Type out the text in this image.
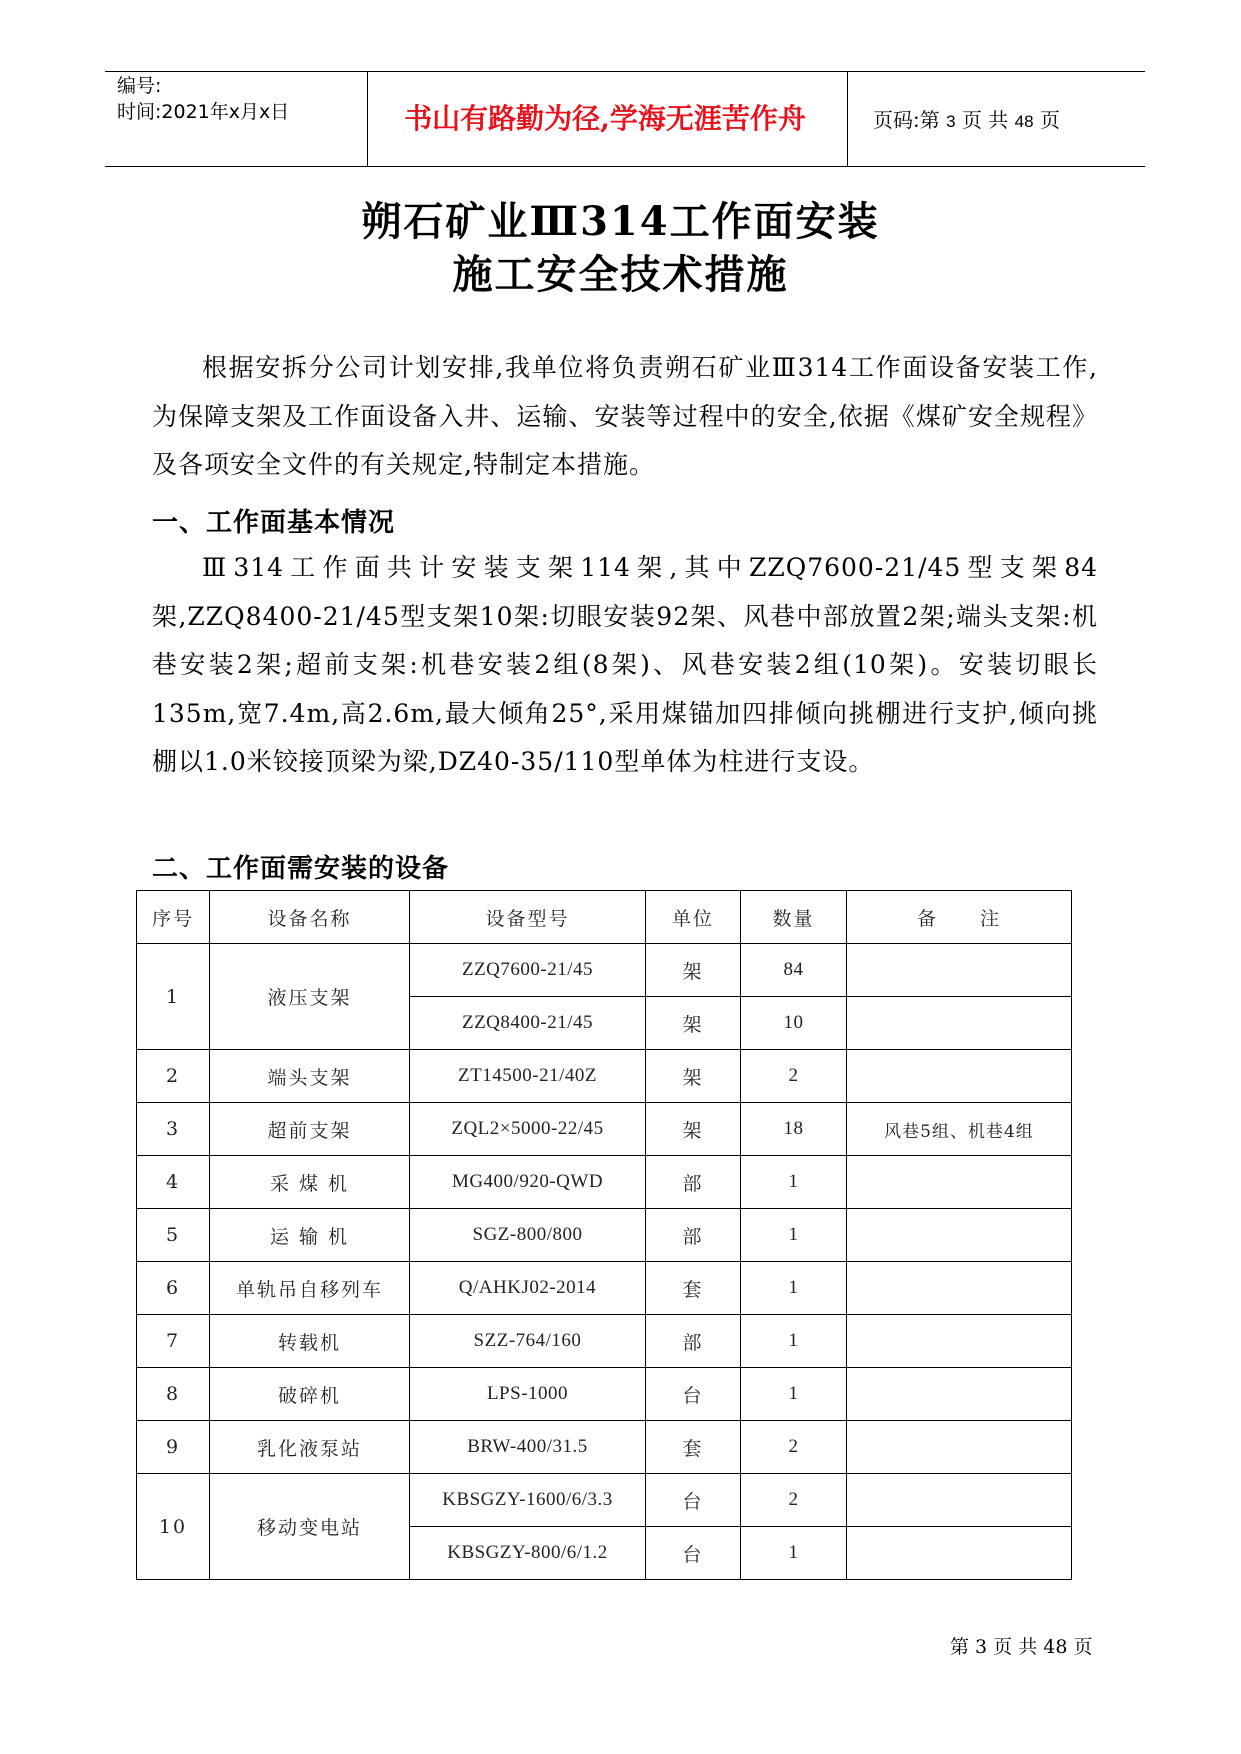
编号:
时间:2021年x月x日	书山有路勤为径,学海无涯苦作舟	页码:第 3 页 共 48 页
朔石矿业Ⅲ314工作面安装
施工安全技术措施

根据安拆分公司计划安排,我单位将负责朔石矿业Ⅲ314工作面设备安装工作,为保障支架及工作面设备入井、运输、安装等过程中的安全,依据《煤矿安全规程》及各项安全文件的有关规定,特制定本措施。

一、工作面基本情况

Ⅲ314工作面共计安装支架114架,其中ZZQ7600-21/45型支架84架,ZZQ8400-21/45型支架10架:切眼安装92架、风巷中部放置2架;端头支架:机巷安装2架;超前支架:机巷安装2组(8架)、风巷安装2组(10架)。安装切眼长135m,宽7.4m,高2.6m,最大倾角25°,采用煤锚加四排倾向挑棚进行支护,倾向挑棚以1.0米铰接顶梁为梁,DZ40-35/110型单体为柱进行支设。

二、工作面需安装的设备
序号	设备名称	设备型号	单位	数量	备　　注
1	液压支架	ZZQ7600-21/45	架	84	
		ZZQ8400-21/45	架	10	
2	端头支架	ZT14500-21/40Z	架	2	
3	超前支架	ZQL2×5000-22/45	架	18	风巷5组、机巷4组
4	采 煤 机	MG400/920-QWD	部	1	
5	运 输 机	SGZ-800/800	部	1	
6	单轨吊自移列车	Q/AHKJ02-2014	套	1	
7	转载机	SZZ-764/160	部	1	
8	破碎机	LPS-1000	台	1	
9	乳化液泵站	BRW-400/31.5	套	2	
10	移动变电站	KBSGZY-1600/6/3.3	台	2	
		KBSGZY-800/6/1.2	台	1	
第 3 页 共 48 页
